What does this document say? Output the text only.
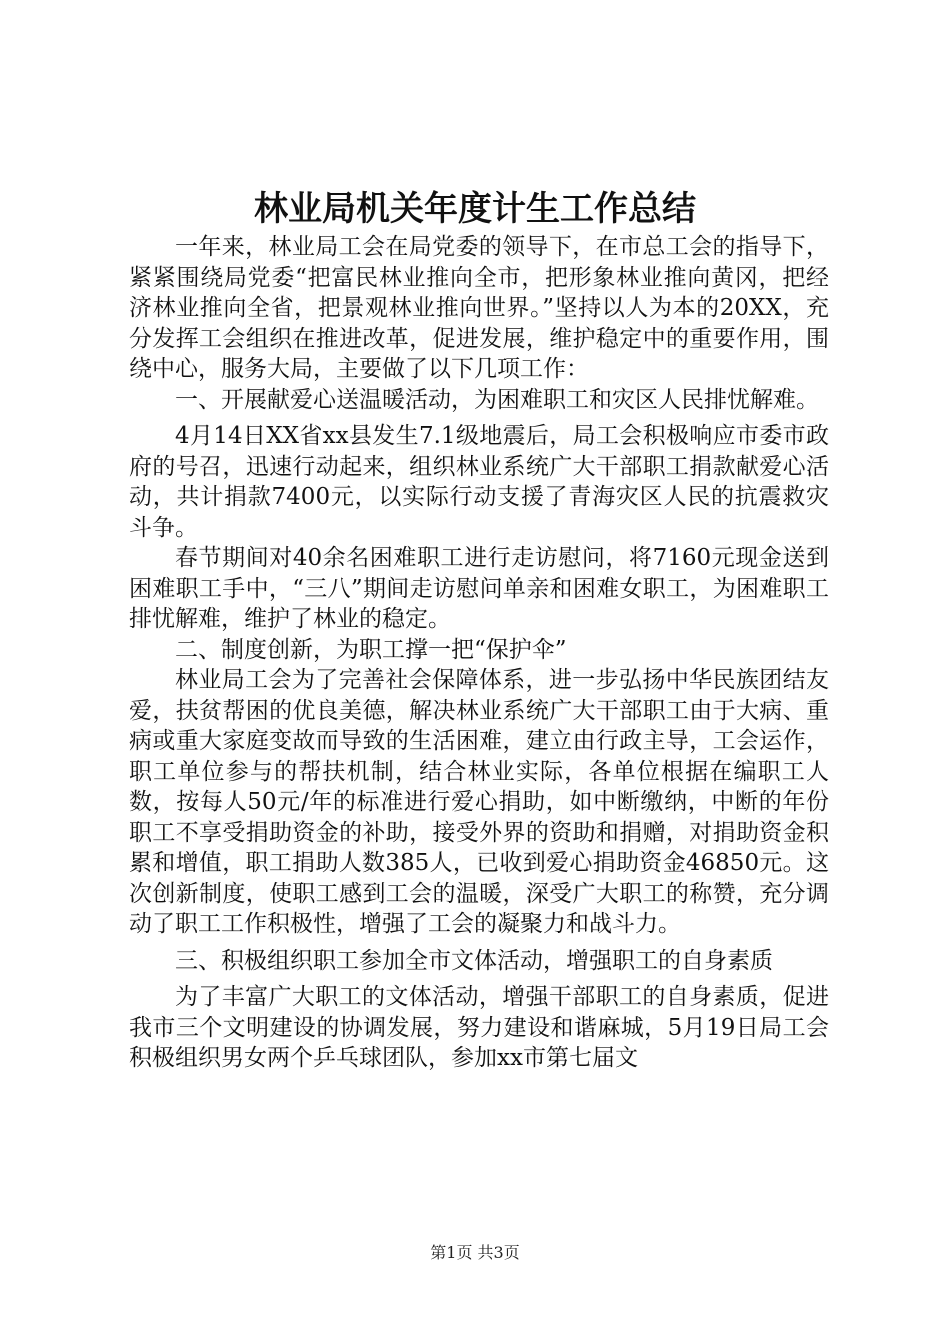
林业局机关年度计生工作总结

一年来，林业局工会在局党委的领导下，在市总工会的指导下，紧紧围绕局党委“把富民林业推向全市，把形象林业推向黄冈，把经济林业推向全省，把景观林业推向世界。”坚持以人为本的20XX，充分发挥工会组织在推进改革，促进发展，维护稳定中的重要作用，围绕中心，服务大局，主要做了以下几项工作：

一、开展献爱心送温暖活动，为困难职工和灾区人民排忧解难。

4月14日XX省xx县发生7.1级地震后，局工会积极响应市委市政府的号召，迅速行动起来，组织林业系统广大干部职工捐款献爱心活动，共计捐款7400元，以实际行动支援了青海灾区人民的抗震救灾斗争。

春节期间对40余名困难职工进行走访慰问，将7160元现金送到困难职工手中，“三八”期间走访慰问单亲和困难女职工，为困难职工排忧解难，维护了林业的稳定。

二、制度创新，为职工撑一把“保护伞”

林业局工会为了完善社会保障体系，进一步弘扬中华民族团结友爱，扶贫帮困的优良美德，解决林业系统广大干部职工由于大病、重病或重大家庭变故而导致的生活困难，建立由行政主导，工会运作，职工单位参与的帮扶机制，结合林业实际，各单位根据在编职工人数，按每人50元/年的标准进行爱心捐助，如中断缴纳，中断的年份职工不享受捐助资金的补助，接受外界的资助和捐赠，对捐助资金积累和增值，职工捐助人数385人，已收到爱心捐助资金46850元。这次创新制度，使职工感到工会的温暖，深受广大职工的称赞，充分调动了职工工作积极性，增强了工会的凝聚力和战斗力。

三、积极组织职工参加全市文体活动，增强职工的自身素质

为了丰富广大职工的文体活动，增强干部职工的自身素质，促进我市三个文明建设的协调发展，努力建设和谐麻城，5月19日局工会积极组织男女两个乒乓球团队，参加xx市第七届文

第1页 共3页
